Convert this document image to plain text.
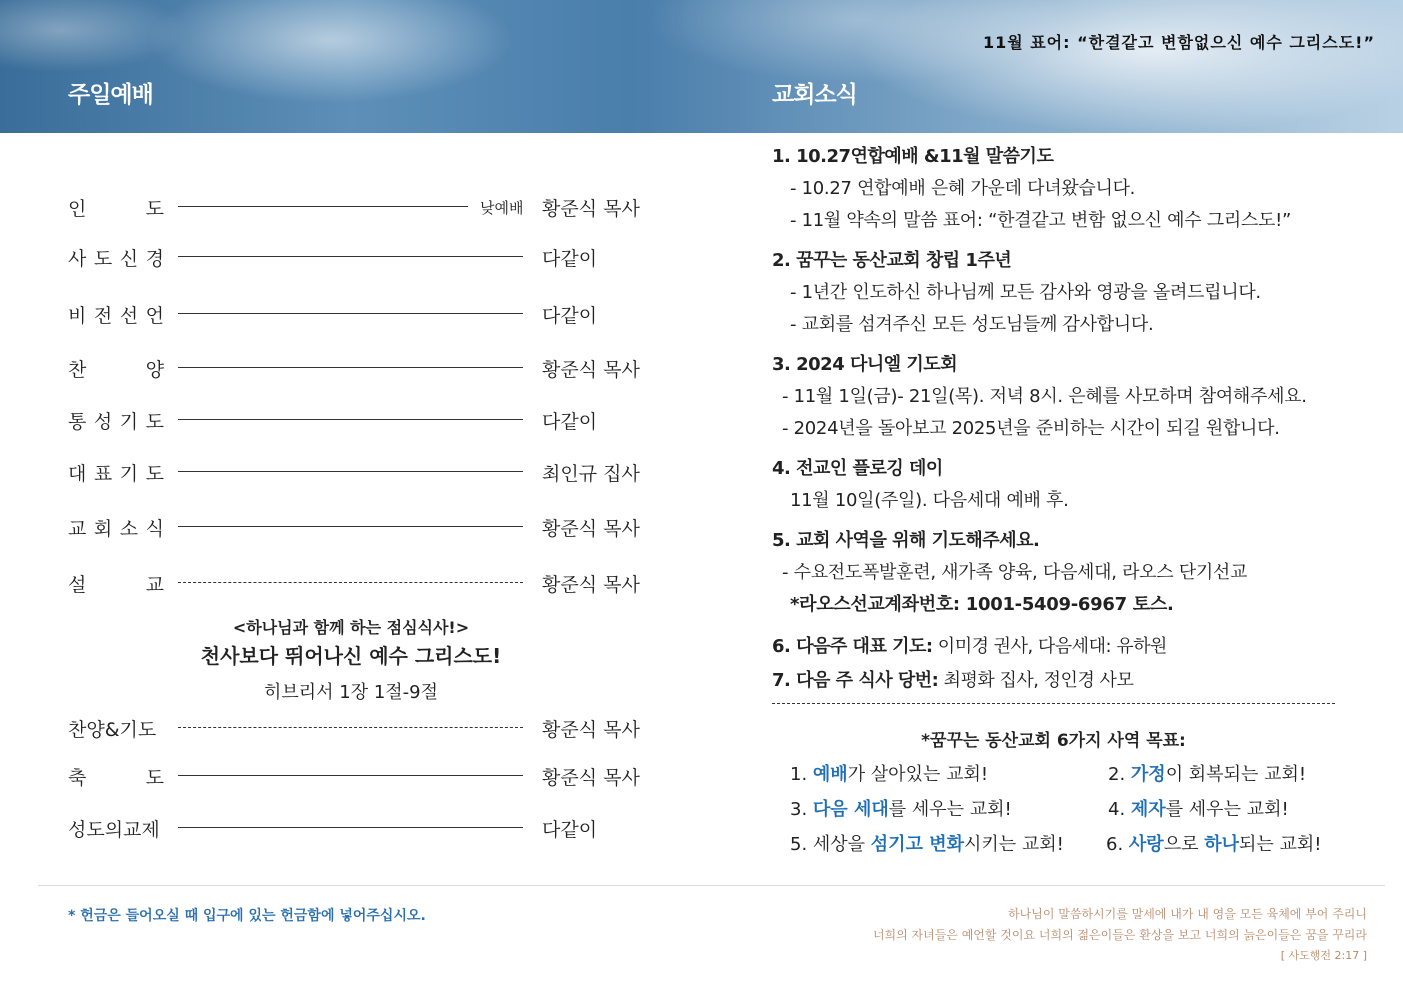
주일예배	교회소식
11월 표어: “한결같고 변함없으신 예수 그리스도!”
인	도	낮예배 황준식 목사
사 도 신 경	다같이
비 전 선 언	다같이
찬	양	황준식 목사
통 성 기 도	다같이
대 표 기 도	최인규 집사
교 회 소 식	황준식 목사
설	교	황준식 목사
찬양&기도	황준식 목사
축	도	황준식 목사
성도의교제	다같이
<하나님과 함께 하는 점심식사!>
천사보다 뛰어나신 예수 그리스도!
히브리서 1장 1절-9절
1. 10.27연합예배 &11월 말씀기도
- 10.27 연합예배 은혜 가운데 다녀왔습니다.
- 11월 약속의 말씀 표어: “한결같고 변함 없으신 예수 그리스도!”
2. 꿈꾸는 동산교회 창립 1주년
- 1년간 인도하신 하나님께 모든 감사와 영광을 올려드립니다.
- 교회를 섬겨주신 모든 성도님들께 감사합니다.
3. 2024 다니엘 기도회
- 11월 1일(금)- 21일(목). 저녁 8시. 은혜를 사모하며 참여해주세요.
- 2024년을 돌아보고 2025년을 준비하는 시간이 되길 원합니다.
4. 전교인 플로깅 데이
11월 10일(주일). 다음세대 예배 후.
5. 교회 사역을 위해 기도해주세요.
- 수요전도폭발훈련, 새가족 양육, 다음세대, 라오스 단기선교
*라오스선교계좌번호: 1001-5409-6967 토스.
6. 다음주 대표 기도: 이미경 권사, 다음세대: 유하원
7. 다음 주 식사 당번: 최평화 집사, 정인경 사모
*꿈꾸는 동산교회 6가지 사역 목표:
1. 예배가 살아있는 교회!	2. 가정이 회복되는 교회!
3. 다음 세대를 세우는 교회!	4. 제자를 세우는 교회!
5. 세상을 섬기고 변화시키는 교회! 6. 사랑으로 하나되는 교회!
* 헌금은 들어오실 때 입구에 있는 헌금함에 넣어주십시오.	하나님이 말씀하시기를 말세에 내가 내 영을 모든 육체에 부어 주리니
너희의 자녀들은 예언할 것이요 너희의 젊은이들은 환상을 보고 너희의 늙은이들은 꿈을 꾸리라
[ 사도행전 2:17 ]
